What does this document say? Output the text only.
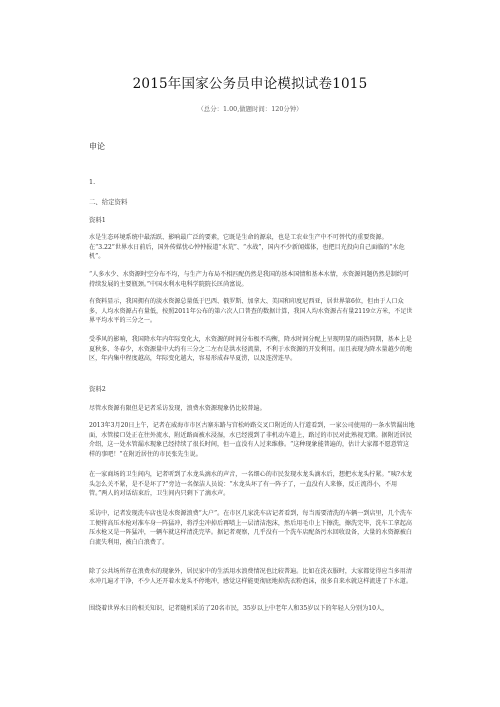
2015年国家公务员申论模拟试卷1015
（总分：1.00,做题时间：120分钟）
申论
1.
二、给定资料
资料1

水是生态环境系统中最活跃、影响最广泛的要素，它既是生命的源泉，也是工农业生产中不可替代的重要资源。在“3.22”世界水日前后，国外传媒忧心忡忡报道“水荒”、“水战”，国内不少新闻媒体，也把目光投向自己面临的“水危机”。

“人多水少、水资源时空分布不均，与生产力布局不相匹配仍然是我国的基本国情和基本水情，水资源问题仍然是制约可持续发展的主要瓶颈。”中国水利水电科学院院长匡尚富说。

有资料显示，我国拥有的淡水资源总量低于巴西、俄罗斯、加拿大、美国和印度尼西亚，居世界第6位，但由于人口众多，人均水资源占有量低，按照2011年公布的第六次人口普查的数据计算，我国人均水资源占有量2119立方米，不足世界平均水平的三分之一。

受季风的影响，我国降水年内年际变化大，水资源的时间分布极不均衡，降水时间分配上呈现明显的雨热同期，基本上是夏秋多、冬春少，水资源量中大约有三分之二左右是洪水径流量，不利于水资源的开发利用。而且表现为降水量越少的地区，年内集中程度越高，年际变化越大，容易形成春旱夏涝，以及连涝连旱。

资料2

尽管水资源有限但是记者采访发现，浪费水资源现象仍比较普遍。

2013年3月20日上午，记者在威海市市区古寨东路与宫松岭路交叉口附近的人行道看到，一家公司使用的一条水管漏出地面，水管接口处正在往外流水，附近路面被水浸湿，水已经漫到了非机动车道上，路过的市民对此熟视无睹。据附近居民介绍，这一处水管漏水现象已经持续了很长时间，但一直没有人过来维修。“这种现象能普遍的，估计大家都不愿意管这样的事吧！”在附近居住的市民张先生说。

在一家商场的卫生间内，记者听到了水龙头滴水的声音，一名细心的市民发现水龙头滴水后，想把水龙头拧紧。“咦?水龙头怎么关不紧，是不是坏了?”旁边一名保洁人员说：“水龙头坏了有一阵子了，一直没有人来修，反正流得小，不用管。”两人的对话结束后，卫生间内只剩下了滴水声。

采访中，记者发现洗车店也是水资源浪费“大户”。在市区几家洗车店记者看到，每当需要清洗的车辆一到店里，几个洗车工便将高压水枪对准车身一阵猛冲，将浮尘冲掉后再喷上一层清洁泡沫，然后用毛巾上下擦洗，擦洗完毕，洗车工拿起高压水枪又是一阵猛冲，一辆车就这样清洗完毕。据记者观察，几乎没有一个洗车店配备污水回收设备，大量的水资源被白白流失利用，被白白浪费了。

除了公共场所存在浪费水的现象外，居民家中的生活用水浪费情况也比较普遍。比如在洗衣服时，大家都觉得应当多用清水冲几遍才干净，不少人还开着水龙头不停地冲，感觉这样能更彻底地掉洗衣粉泡沫，很多自来水就这样流进了下水道。

围绕着世界水日的相关知识，记者随机采访了20名市民，35岁以上中老年人和35岁以下的年轻人分别为10人，
